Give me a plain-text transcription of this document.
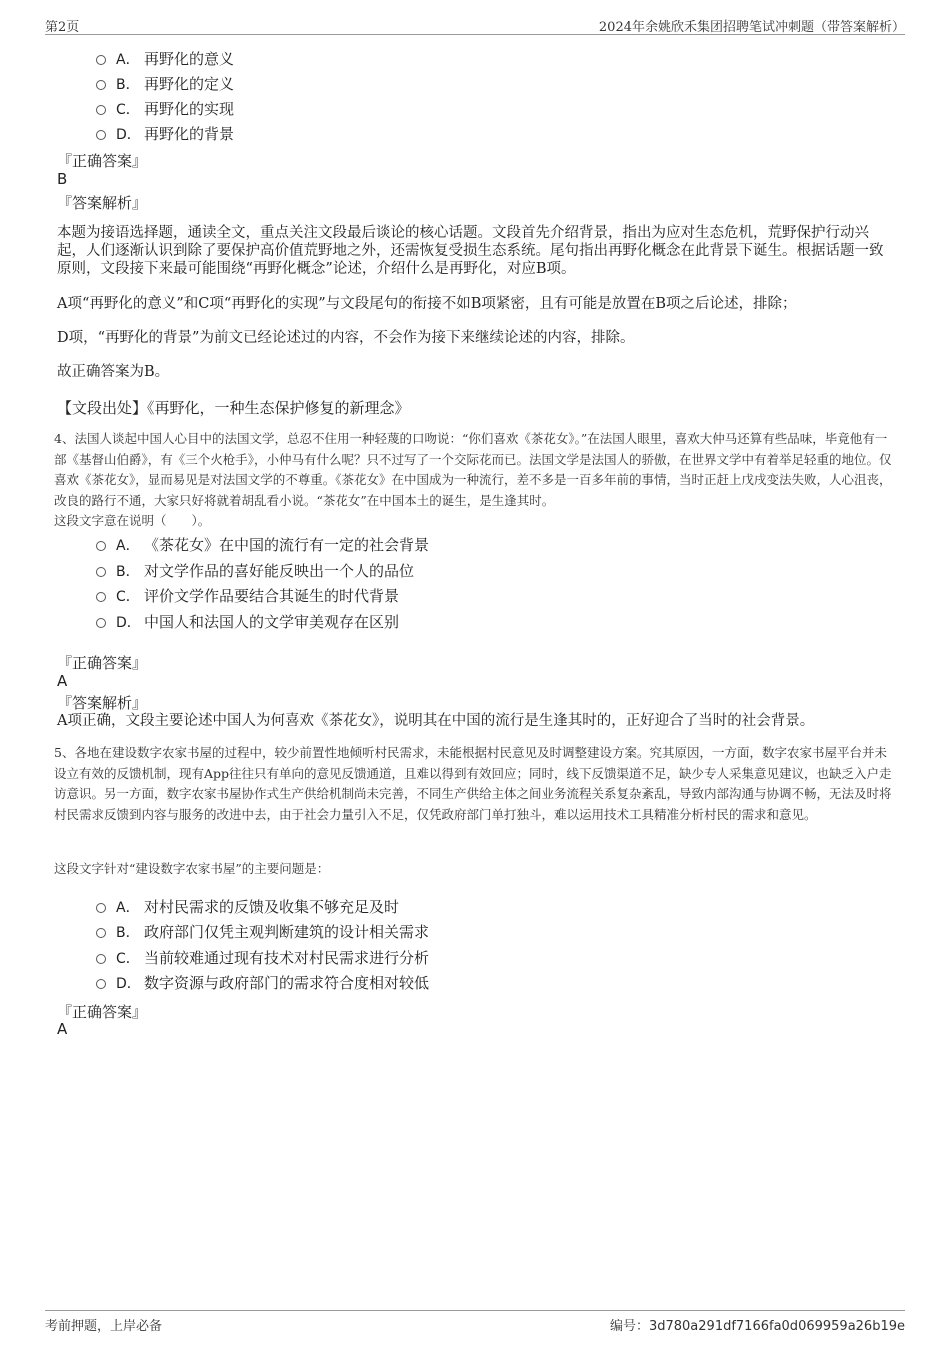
第2页	2024年余姚欣禾集团招聘笔试冲刺题（带答案解析）
A． 再野化的意义
B． 再野化的定义
C． 再野化的实现
D． 再野化的背景
『正确答案』
B
『答案解析』
本题为接语选择题，通读全文，重点关注文段最后谈论的核心话题。文段首先介绍背景，指出为应对生态危机，荒野保护行动兴起，人们逐渐认识到除了要保护高价值荒野地之外，还需恢复受损生态系统。尾句指出再野化概念在此背景下诞生。根据话题一致原则，文段接下来最可能围绕“再野化概念”论述，介绍什么是再野化，对应B项。
A项“再野化的意义”和C项“再野化的实现”与文段尾句的衔接不如B项紧密，且有可能是放置在B项之后论述，排除；
D项，“再野化的背景”为前文已经论述过的内容，不会作为接下来继续论述的内容，排除。
故正确答案为B。
【文段出处】《再野化，一种生态保护修复的新理念》
4、法国人谈起中国人心目中的法国文学，总忍不住用一种轻蔑的口吻说：“你们喜欢《茶花女》。”在法国人眼里，喜欢大仲马还算有些品味，毕竟他有一部《基督山伯爵》，有《三个火枪手》，小仲马有什么呢？只不过写了一个交际花而已。法国文学是法国人的骄傲，在世界文学中有着举足轻重的地位。仅喜欢《茶花女》，显而易见是对法国文学的不尊重。《茶花女》在中国成为一种流行，差不多是一百多年前的事情，当时正赶上戊戌变法失败，人心沮丧，改良的路行不通，大家只好将就着胡乱看小说。“茶花女”在中国本土的诞生，是生逢其时。
这段文字意在说明（　　）。
A． 《茶花女》在中国的流行有一定的社会背景
B． 对文学作品的喜好能反映出一个人的品位
C． 评价文学作品要结合其诞生的时代背景
D． 中国人和法国人的文学审美观存在区别
『正确答案』
A
『答案解析』
A项正确，文段主要论述中国人为何喜欢《茶花女》，说明其在中国的流行是生逢其时的，正好迎合了当时的社会背景。
5、各地在建设数字农家书屋的过程中，较少前置性地倾听村民需求，未能根据村民意见及时调整建设方案。究其原因，一方面，数字农家书屋平台并未设立有效的反馈机制，现有App往往只有单向的意见反馈通道，且难以得到有效回应；同时，线下反馈渠道不足，缺少专人采集意见建议，也缺乏入户走访意识。另一方面，数字农家书屋协作式生产供给机制尚未完善，不同生产供给主体之间业务流程关系复杂紊乱，导致内部沟通与协调不畅，无法及时将村民需求反馈到内容与服务的改进中去，由于社会力量引入不足，仅凭政府部门单打独斗，难以运用技术工具精准分析村民的需求和意见。
这段文字针对“建设数字农家书屋”的主要问题是：
A． 对村民需求的反馈及收集不够充足及时
B． 政府部门仅凭主观判断建筑的设计相关需求
C． 当前较难通过现有技术对村民需求进行分析
D． 数字资源与政府部门的需求符合度相对较低
『正确答案』
A
考前押题，上岸必备	编号：3d780a291df7166fa0d069959a26b19e
